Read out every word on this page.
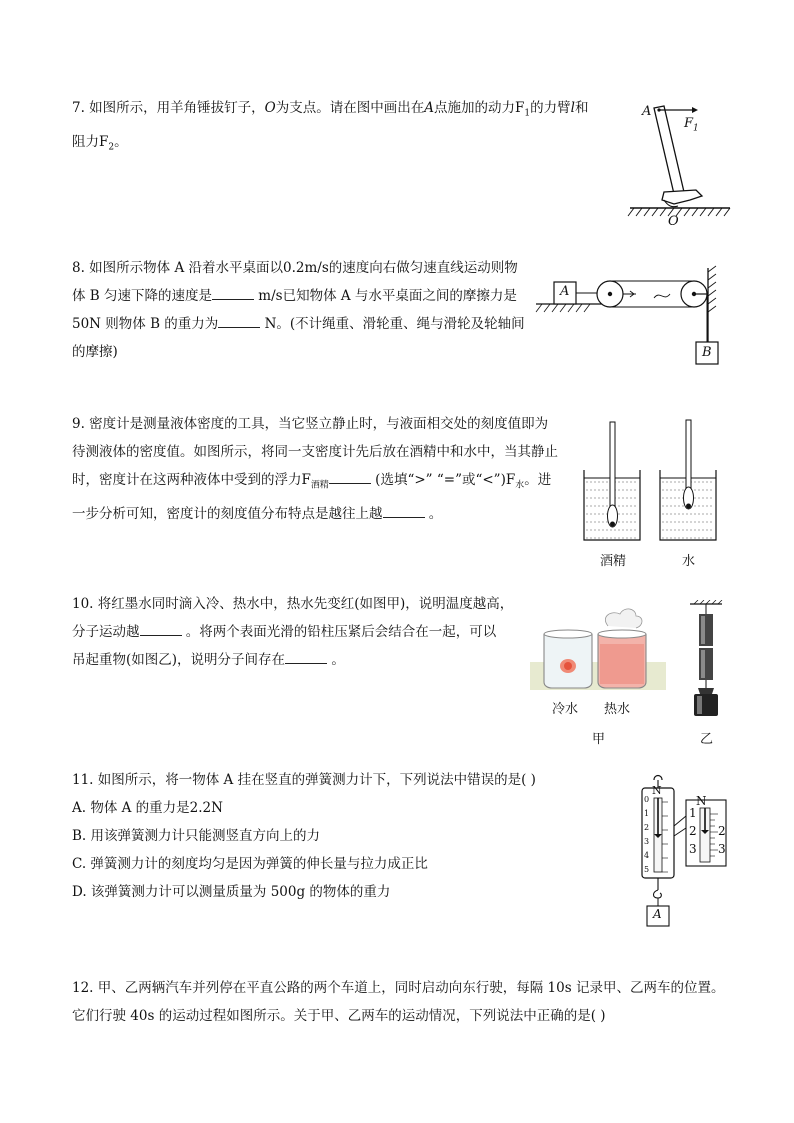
7. 如图所示，用羊角锤拔钉子，O为支点。请在图中画出在A点施加的动力$F_1$的力臂l和

阻力$F_2$。

A
$F_1$
O

8. 如图所示物体 A 沿着水平桌面以0.2m/s的速度向右做匀速直线运动则物

体 B 匀速下降的速度是	m/s已知物体 A 与水平桌面之间的摩擦力是

50N 则物体 B 的重力为	N。(不计绳重、滑轮重、绳与滑轮及轮轴间

的摩擦)

A
B

9. 密度计是测量液体密度的工具，当它竖立静止时，与液面相交处的刻度值即为

待测液体的密度值。如图所示，将同一支密度计先后放在酒精中和水中，当其静止

时，密度计在这两种液体中受到的浮力$F_{酒精}$	(选填“>” “=”或“$<”)F_水$。进

一步分析可知，密度计的刻度值分布特点是越往上越	。

酒精	水

10. 将红墨水同时滴入冷、热水中，热水先变红(如图甲)，说明温度越高，

分子运动越	。将两个表面光滑的铅柱压紧后会结合在一起，可以

吊起重物(如图乙)，说明分子间存在	。

冷水 热水
甲	乙

11. 如图所示，将一物体 A 挂在竖直的弹簧测力计下，下列说法中错误的是( )

A. 物体 A 的重力是2.2N

B. 用该弹簧测力计只能测竖直方向上的力

C. 弹簧测力计的刻度均匀是因为弹簧的伸长量与拉力成正比

D. 该弹簧测力计可以测量质量为 500g 的物体的重力

N
0
1
2
3
4
5
N
1
2
3
2
3
A

12. 甲、乙两辆汽车并列停在平直公路的两个车道上，同时启动向东行驶，每隔 10s 记录甲、乙两车的位置。

它们行驶 40s 的运动过程如图所示。关于甲、乙两车的运动情况，下列说法中正确的是( )
